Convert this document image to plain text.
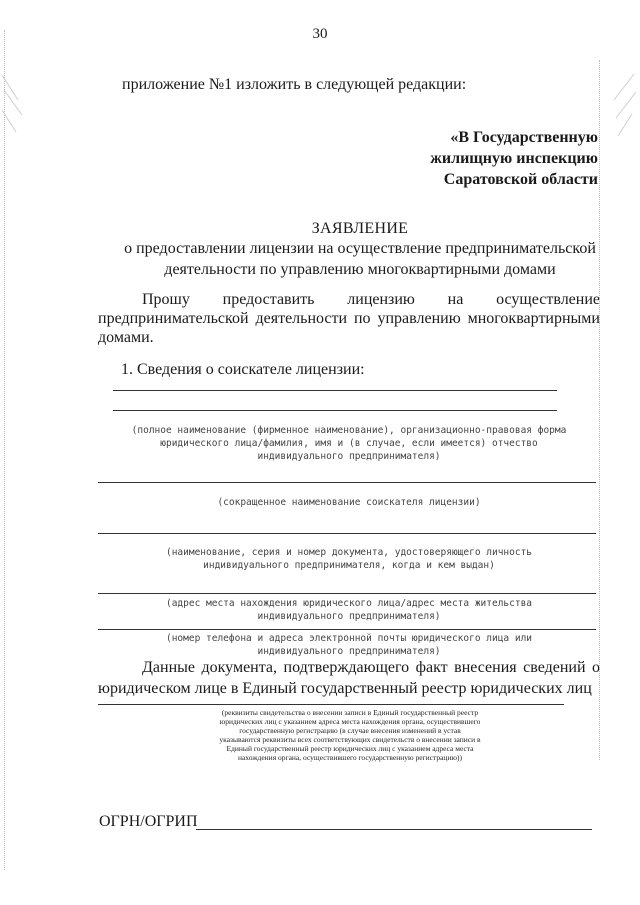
30
приложение №1 изложить в следующей редакции:
«В Государственную
жилищную инспекцию
Саратовской области
ЗАЯВЛЕНИЕ
о предоставлении лицензии на осуществление предпринимательской
деятельности по управлению многоквартирными домами
Прошу предоставить лицензию на осуществление предпринимательской деятельности по управлению многоквартирными домами.
1. Сведения о соискателе лицензии:
(полное наименование (фирменное наименование), организационно-правовая форма
юридического лица/фамилия, имя и (в случае, если имеется) отчество
индивидуального предпринимателя)
(сокращенное наименование соискателя лицензии)
(наименование, серия и номер документа, удостоверяющего личность
индивидуального предпринимателя, когда и кем выдан)
(адрес места нахождения юридического лица/адрес места жительства
индивидуального предпринимателя)
(номер телефона и адреса электронной почты юридического лица или
индивидуального предпринимателя)
Данные документа, подтверждающего факт внесения сведений о юридическом лице в Единый государственный реестр юридических лиц
(реквизиты свидетельства о внесении записи в Единый государственный реестр
юридических лиц с указанием адреса места нахождения органа, осуществившего
государственную регистрацию (в случае внесения изменений в устав
указываются реквизиты всех соответствующих свидетельств о внесении записи в
Единый государственный реестр юридических лиц с указанием адреса места
нахождения органа, осуществившего государственную регистрацию))
ОГРН/ОГРИП
